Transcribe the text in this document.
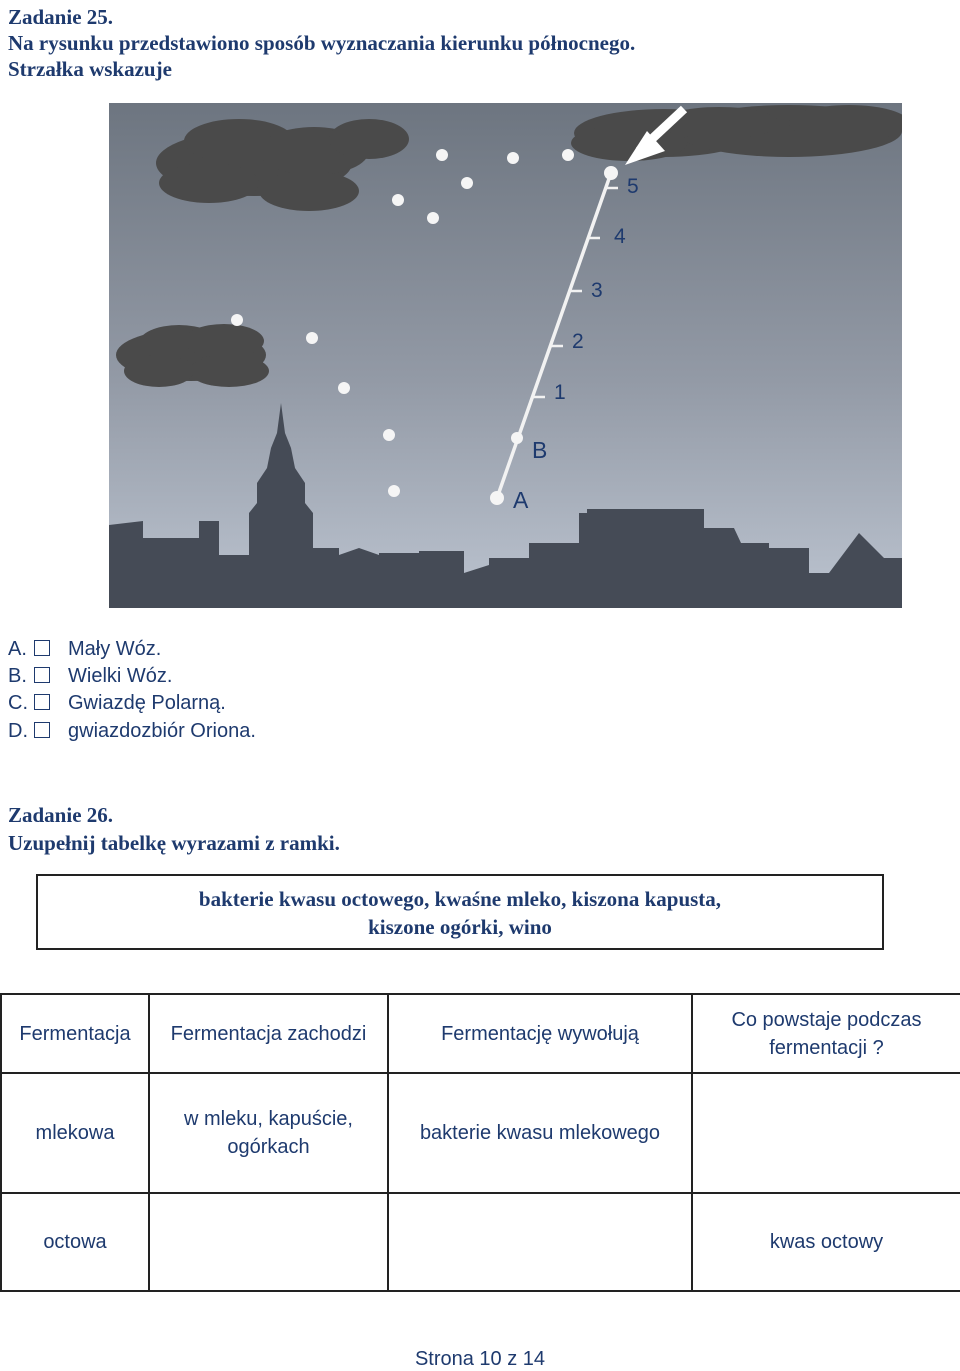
Zadanie 25.
Na rysunku przedstawiono sposób wyznaczania kierunku północnego.
Strzałka wskazuje
5
4
3
2
1
B
A
A. Mały Wóz.
B. Wielki Wóz.
C. Gwiazdę Polarną.
D. gwiazdozbiór Oriona.
Zadanie 26.
Uzupełnij tabelkę wyrazami z ramki.
bakterie kwasu octowego, kwaśne mleko, kiszona kapusta,
kiszone ogórki, wino
Fermentacja	Fermentacja zachodzi	Fermentację wywołują	Co powstaje podczas fermentacji ?
mlekowa	w mleku, kapuście, ogórkach	bakterie kwasu mlekowego	
octowa			kwas octowy
Strona 10 z 14
